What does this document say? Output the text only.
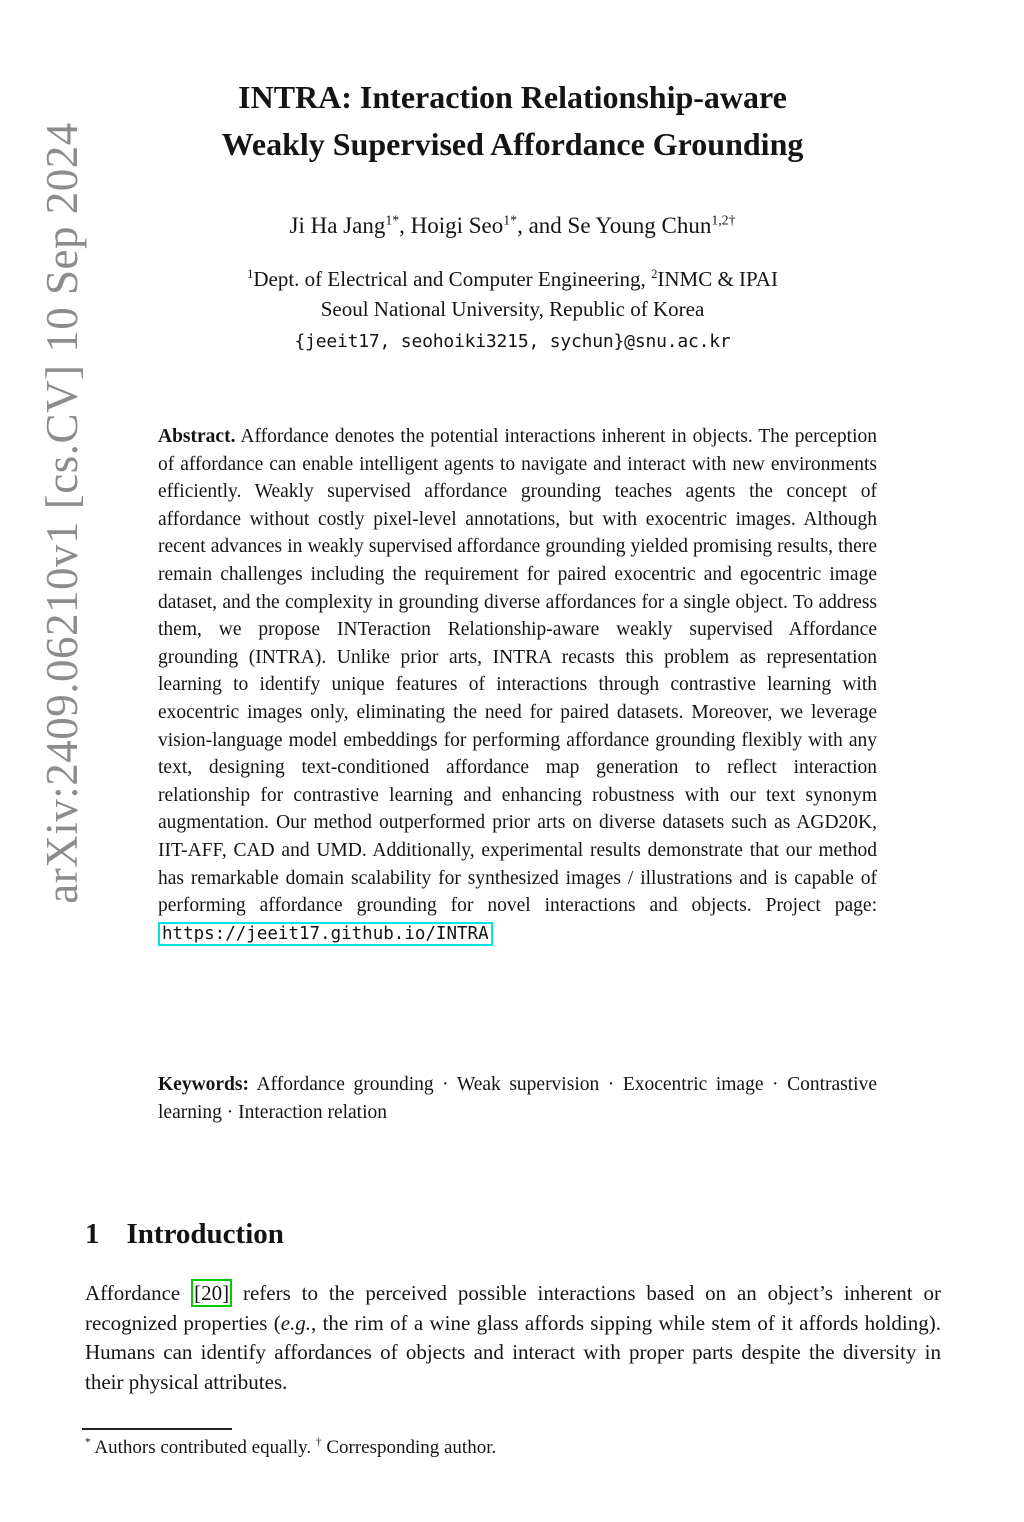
arXiv:2409.06210v1 [cs.CV] 10 Sep 2024
INTRA: Interaction Relationship-aware
Weakly Supervised Affordance Grounding
Ji Ha Jang$^{1*}$, Hoigi Seo$^{1*}$, and Se Young Chun$^{1,2\dagger}$
$^1$Dept. of Electrical and Computer Engineering, $^2$INMC & IPAI
Seoul National University, Republic of Korea
{jeeit17, seohoiki3215, sychun}@snu.ac.kr
Abstract. Affordance denotes the potential interactions inherent in objects. The perception of affordance can enable intelligent agents to navigate and interact with new environments efficiently. Weakly supervised affordance grounding teaches agents the concept of affordance without costly pixel-level annotations, but with exocentric images. Although recent advances in weakly supervised affordance grounding yielded promising results, there remain challenges including the requirement for paired exocentric and egocentric image dataset, and the complexity in grounding diverse affordances for a single object. To address them, we propose INTeraction Relationship-aware weakly supervised Affordance grounding (INTRA). Unlike prior arts, INTRA recasts this problem as representation learning to identify unique features of interactions through contrastive learning with exocentric images only, eliminating the need for paired datasets. Moreover, we leverage vision-language model embeddings for performing affordance grounding flexibly with any text, designing text-conditioned affordance map generation to reflect interaction relationship for contrastive learning and enhancing robustness with our text synonym augmentation. Our method outperformed prior arts on diverse datasets such as AGD20K, IIT-AFF, CAD and UMD. Additionally, experimental results demonstrate that our method has remarkable domain scalability for synthesized images / illustrations and is capable of performing affordance grounding for novel interactions and objects. Project page: https://jeeit17.github.io/INTRA
Keywords: Affordance grounding · Weak supervision · Exocentric image · Contrastive learning · Interaction relation
1 Introduction
Affordance [20] refers to the perceived possible interactions based on an object’s inherent or recognized properties (e.g., the rim of a wine glass affords sipping while stem of it affords holding). Humans can identify affordances of objects and interact with proper parts despite the diversity in their physical attributes.
* Authors contributed equally. † Corresponding author.
